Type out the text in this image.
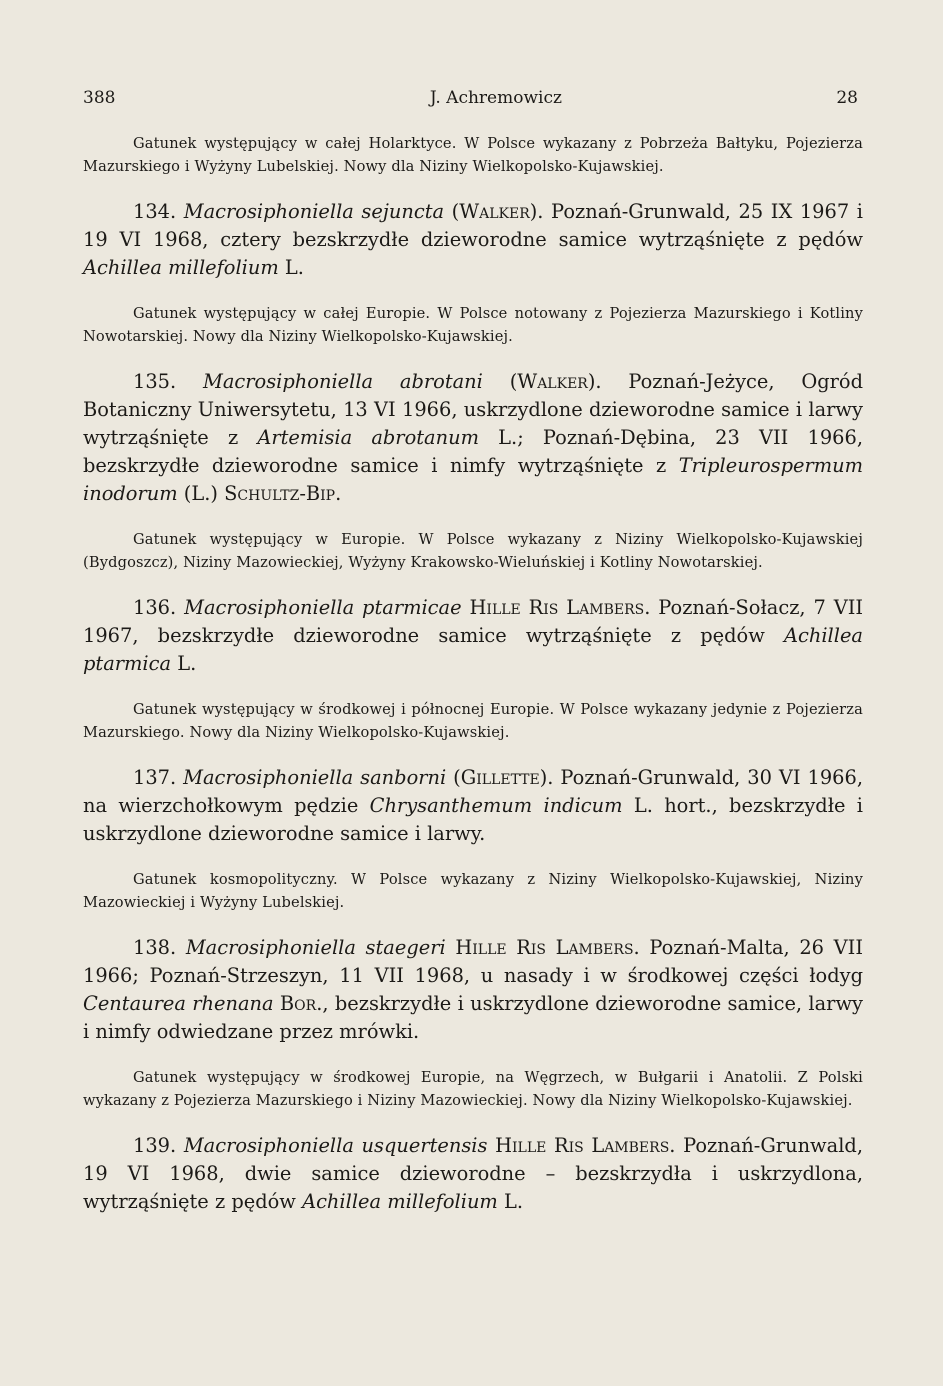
388	J. Achremowicz	28

Gatunek występujący w całej Holarktyce. W Polsce wykazany z Pobrzeża Bałtyku, Pojezierza Mazurskiego i Wyżyny Lubelskiej. Nowy dla Niziny Wielkopolsko-Kujawskiej.

134. Macrosiphoniella sejuncta (Walker). Poznań-Grunwald, 25 IX 1967 i 19 VI 1968, cztery bezskrzydłe dzieworodne samice wytrząśnięte z pędów Achillea millefolium L.

Gatunek występujący w całej Europie. W Polsce notowany z Pojezierza Mazurskiego i Kotliny Nowotarskiej. Nowy dla Niziny Wielkopolsko-Kujawskiej.

135. Macrosiphoniella abrotani (Walker). Poznań-Jeżyce, Ogród Botaniczny Uniwersytetu, 13 VI 1966, uskrzydlone dzieworodne samice i larwy wytrząśnięte z Artemisia abrotanum L.; Poznań-Dębina, 23 VII 1966, bezskrzydłe dzieworodne samice i nimfy wytrząśnięte z Tripleurospermum inodorum (L.) Schultz-Bip.

Gatunek występujący w Europie. W Polsce wykazany z Niziny Wielkopolsko-Kujawskiej (Bydgoszcz), Niziny Mazowieckiej, Wyżyny Krakowsko-Wieluńskiej i Kotliny Nowotarskiej.

136. Macrosiphoniella ptarmicae Hille Ris Lambers. Poznań-Sołacz, 7 VII 1967, bezskrzydłe dzieworodne samice wytrząśnięte z pędów Achillea ptarmica L.

Gatunek występujący w środkowej i północnej Europie. W Polsce wykazany jedynie z Pojezierza Mazurskiego. Nowy dla Niziny Wielkopolsko-Kujawskiej.

137. Macrosiphoniella sanborni (Gillette). Poznań-Grunwald, 30 VI 1966, na wierzchołkowym pędzie Chrysanthemum indicum L. hort., bezskrzydłe i uskrzydlone dzieworodne samice i larwy.

Gatunek kosmopolityczny. W Polsce wykazany z Niziny Wielkopolsko-Kujawskiej, Niziny Mazowieckiej i Wyżyny Lubelskiej.

138. Macrosiphoniella staegeri Hille Ris Lambers. Poznań-Malta, 26 VII 1966; Poznań-Strzeszyn, 11 VII 1968, u nasady i w środkowej części łodyg Centaurea rhenana Bor., bezskrzydłe i uskrzydlone dzieworodne samice, larwy i nimfy odwiedzane przez mrówki.

Gatunek występujący w środkowej Europie, na Węgrzech, w Bułgarii i Anatolii. Z Polski wykazany z Pojezierza Mazurskiego i Niziny Mazowieckiej. Nowy dla Niziny Wielkopolsko-Kujawskiej.

139. Macrosiphoniella usquertensis Hille Ris Lambers. Poznań-Grunwald, 19 VI 1968, dwie samice dzieworodne – bezskrzydła i uskrzydlona, wytrząśnięte z pędów Achillea millefolium L.
